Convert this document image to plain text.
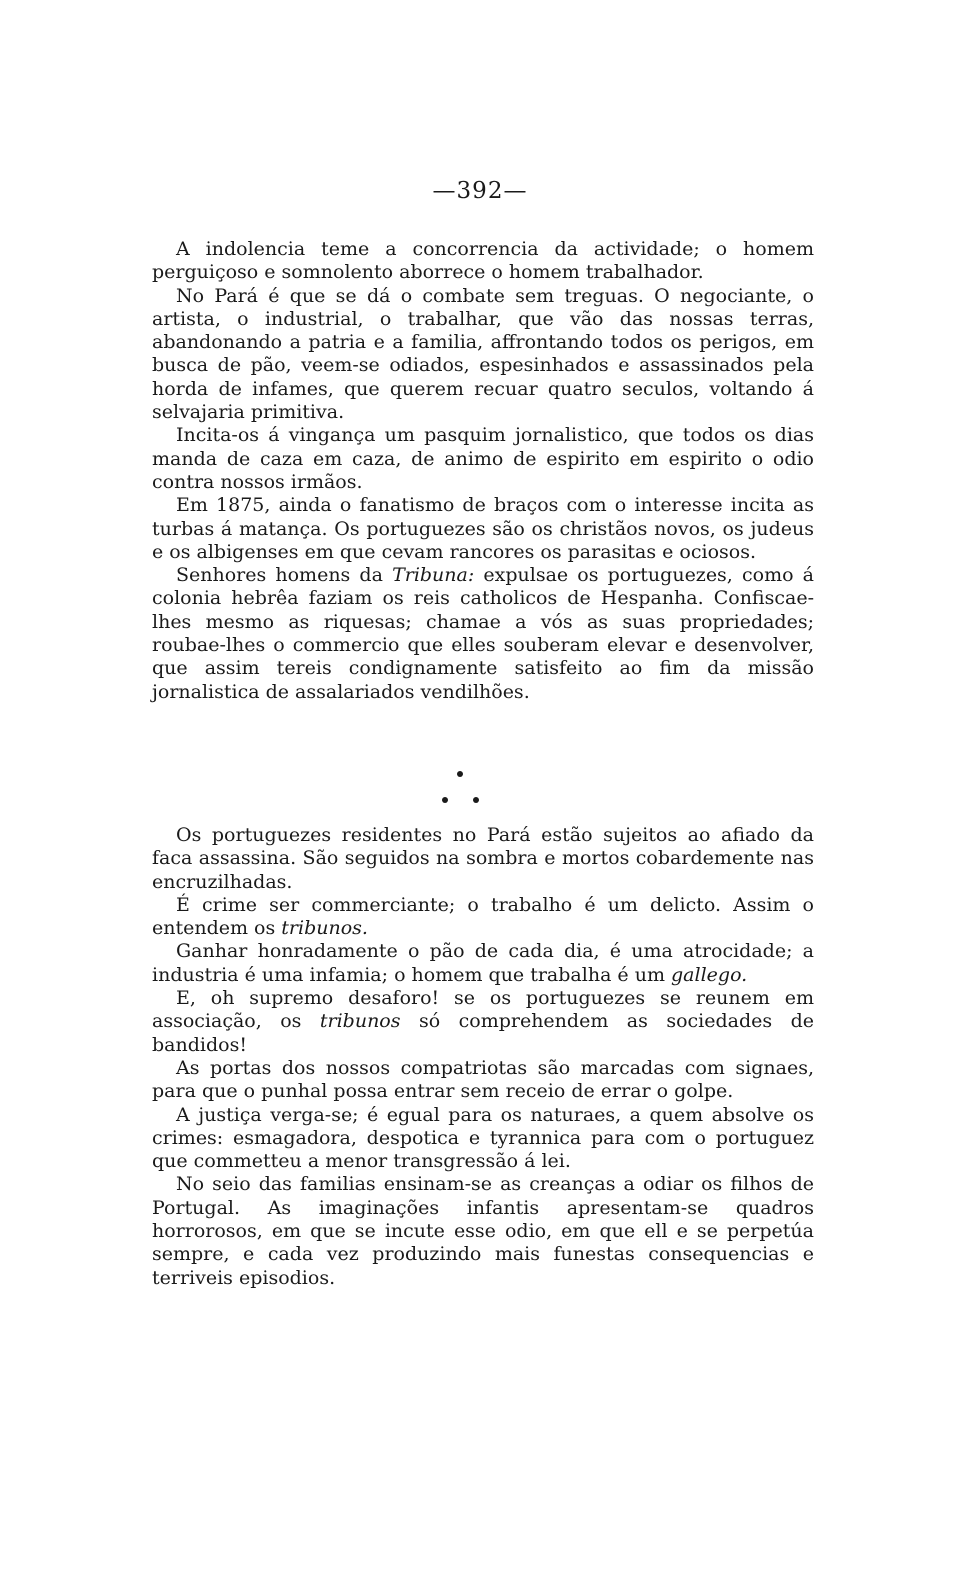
—392—

A indolencia teme a concorrencia da actividade; o homem perguiçoso e somnolento aborrece o homem trabalhador.

No Pará é que se dá o combate sem treguas. O negociante, o artista, o industrial, o trabalhar, que vão das nossas terras, abandonando a patria e a familia, affrontando todos os perigos, em busca de pão, veem-se odiados, espesinhados e assassinados pela horda de infames, que querem recuar quatro seculos, voltando á selvajaria primitiva.

Incita-os á vingança um pasquim jornalistico, que todos os dias manda de caza em caza, de animo de espirito em espirito o odio contra nossos irmãos.

Em 1875, ainda o fanatismo de braços com o interesse incita as turbas á matança. Os portuguezes são os christãos novos, os judeus e os albigenses em que cevam rancores os parasitas e ociosos.

Senhores homens da Tribuna: expulsae os portuguezes, como á colonia hebrêa faziam os reis catholicos de Hespanha. Confiscae-lhes mesmo as riquesas; chamae a vós as suas propriedades; roubae-lhes o commercio que elles souberam elevar e desenvolver, que assim tereis condignamente satisfeito ao fim da missão jornalistica de assalariados vendilhões.

Os portuguezes residentes no Pará estão sujeitos ao afiado da faca assassina. São seguidos na sombra e mortos cobardemente nas encruzilhadas.

É crime ser commerciante; o trabalho é um delicto. Assim o entendem os tribunos.

Ganhar honradamente o pão de cada dia, é uma atrocidade; a industria é uma infamia; o homem que trabalha é um gallego.

E, oh supremo desaforo! se os portuguezes se reunem em associação, os tribunos só comprehendem as sociedades de bandidos!

As portas dos nossos compatriotas são marcadas com signaes, para que o punhal possa entrar sem receio de errar o golpe.

A justiça verga-se; é egual para os naturaes, a quem absolve os crimes: esmagadora, despotica e tyrannica para com o portuguez que commetteu a menor transgressão á lei.

No seio das familias ensinam-se as creanças a odiar os filhos de Portugal. As imaginações infantis apresentam-se quadros horrorosos, em que se incute esse odio, em que ell e se perpetúa sempre, e cada vez produzindo mais funestas consequencias e terriveis episodios.
